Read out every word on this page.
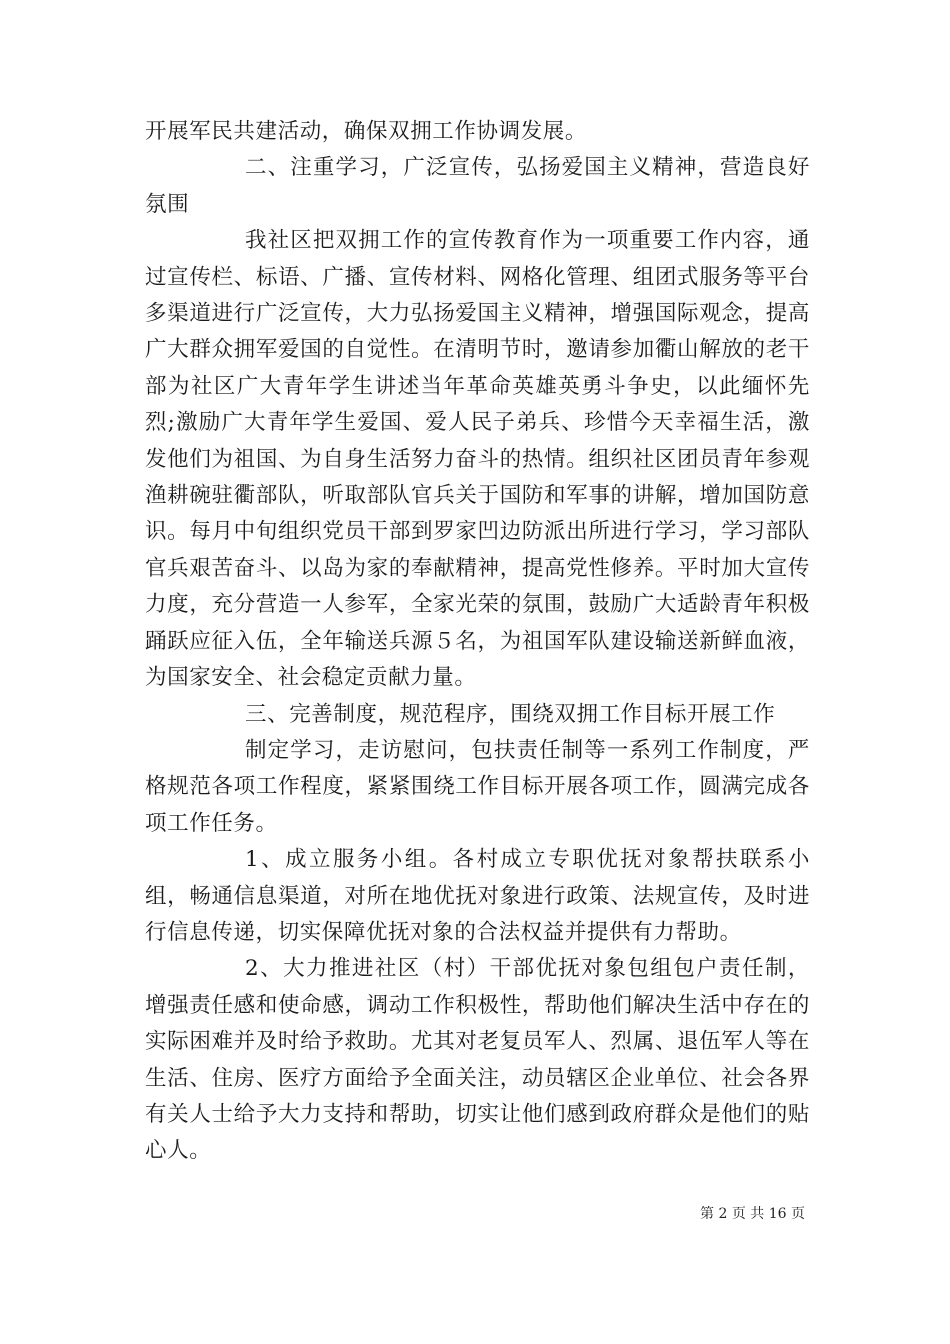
开展军民共建活动，确保双拥工作协调发展。

二、注重学习，广泛宣传，弘扬爱国主义精神，营造良好氛围

我社区把双拥工作的宣传教育作为一项重要工作内容，通过宣传栏、标语、广播、宣传材料、网格化管理、组团式服务等平台多渠道进行广泛宣传，大力弘扬爱国主义精神，增强国际观念，提高广大群众拥军爱国的自觉性。在清明节时，邀请参加衢山解放的老干部为社区广大青年学生讲述当年革命英雄英勇斗争史，以此缅怀先烈;激励广大青年学生爱国、爱人民子弟兵、珍惜今天幸福生活，激发他们为祖国、为自身生活努力奋斗的热情。组织社区团员青年参观渔耕碗驻衢部队，听取部队官兵关于国防和军事的讲解，增加国防意识。每月中旬组织党员干部到罗家凹边防派出所进行学习，学习部队官兵艰苦奋斗、以岛为家的奉献精神，提高党性修养。平时加大宣传力度，充分营造一人参军，全家光荣的氛围，鼓励广大适龄青年积极踊跃应征入伍，全年输送兵源５名，为祖国军队建设输送新鲜血液，为国家安全、社会稳定贡献力量。

三、完善制度，规范程序，围绕双拥工作目标开展工作

制定学习，走访慰问，包扶责任制等一系列工作制度，严格规范各项工作程度，紧紧围绕工作目标开展各项工作，圆满完成各项工作任务。

1、成立服务小组。各村成立专职优抚对象帮扶联系小组，畅通信息渠道，对所在地优抚对象进行政策、法规宣传，及时进行信息传递，切实保障优抚对象的合法权益并提供有力帮助。

2、大力推进社区（村）干部优抚对象包组包户责任制，增强责任感和使命感，调动工作积极性，帮助他们解决生活中存在的实际困难并及时给予救助。尤其对老复员军人、烈属、退伍军人等在生活、住房、医疗方面给予全面关注，动员辖区企业单位、社会各界有关人士给予大力支持和帮助，切实让他们感到政府群众是他们的贴心人。

第 2 页 共 16 页
